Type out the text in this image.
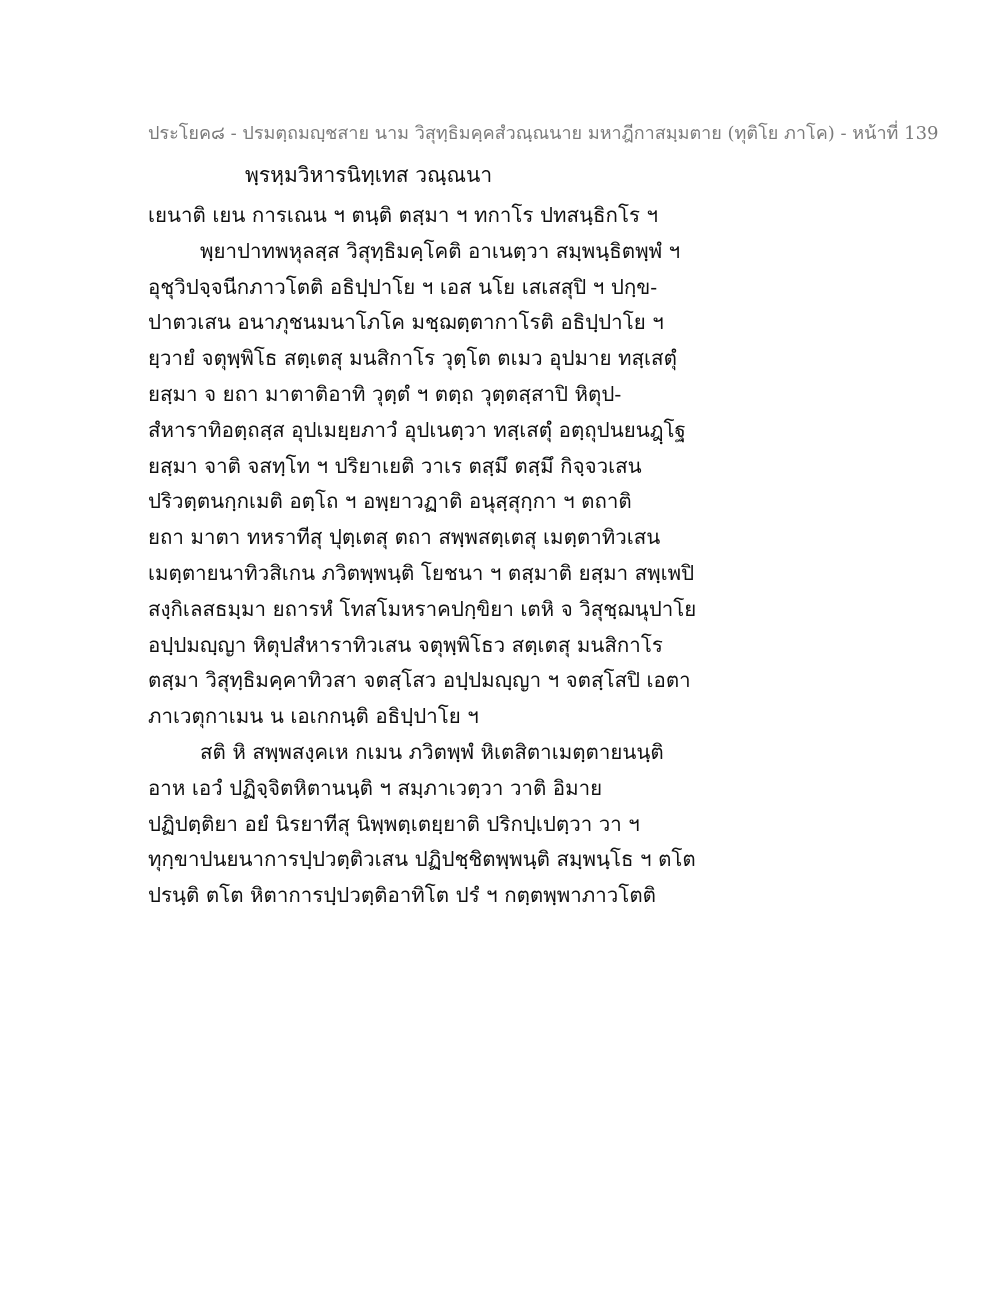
ประโยค๘ - ปรมตฺถมญฺชสาย นาม วิสุทฺธิมคฺคสํวณฺณนาย มหาฎีกาสมฺมตาย (ทุติโย ภาโค) - หน้าที่ 139
พฺรหฺมวิหารนิทฺเทส วณฺณนา
เยนาติ เยน การเณน ฯ ตนฺติ ตสฺมา ฯ ทกาโร ปทสนฺธิกโร ฯ
พฺยาปาทพหุลสฺส วิสุทฺธิมคฺโคติ อาเนตฺวา สมฺพนฺธิตพฺพํ ฯ
อุชุวิปจฺจนีกภาวโตติ อธิปฺปาโย ฯ เอส นโย เสเสสุปิ ฯ ปกฺข-
ปาตวเสน อนาภุชนมนาโภโค มชฺฌตฺตากาโรติ อธิปฺปาโย ฯ
ยฺวายํ จตุพฺพิโธ สตฺเตสุ มนสิกาโร วุตฺโต ตเมว อุปมาย ทสฺเสตุํ
ยสฺมา จ ยถา มาตาติอาทิ วุตฺตํ ฯ ตตฺถ วุตฺตสฺสาปิ หิตุป-
สํหาราทิอตฺถสฺส อุปเมยฺยภาวํ อุปเนตฺวา ทสฺเสตุํ อตฺถุปนยนฎฺโฐ
ยสฺมา จาติ จสทฺโท ฯ ปริยาเยติ วาเร ตสฺมึ ตสฺมึ กิจฺจวเสน
ปริวตฺตนกฺกเมติ อตฺโถ ฯ อพฺยาวฏาติ อนุสฺสุกฺกา ฯ ตถาติ
ยถา มาตา ทหราทีสุ ปุตฺเตสุ ตถา สพฺพสตฺเตสุ เมตฺตาทิวเสน
เมตฺตายนาทิวสิเกน ภวิตพฺพนฺติ โยชนา ฯ ตสฺมาติ ยสฺมา สพฺเพปิ
สงฺกิเลสธมฺมา ยถารหํ โทสโมหราคปกฺขิยา เตหิ จ วิสุชฺฌนุปาโย
อปฺปมญฺญา หิตุปสํหาราทิวเสน จตุพฺพิโธว สตฺเตสุ มนสิกาโร
ตสฺมา วิสุทฺธิมคฺคาทิวสา จตสฺโสว อปฺปมญฺญา ฯ จตสฺโสปิ เอตา
ภาเวตุกาเมน น เอเกกนฺติ อธิปฺปาโย ฯ
สติ หิ สพฺพสงฺคเห กเมน ภวิตพฺพํ หิเตสิตาเมตฺตายนนฺติ
อาห เอวํ ปฏิจฺจิตหิตานนฺติ ฯ สมฺภาเวตฺวา วาติ อิมาย
ปฏิปตฺติยา อยํ นิรยาทีสุ นิพฺพตฺเตยฺยาติ ปริกปฺเปตฺวา วา ฯ
ทุกฺขาปนยนาการปฺปวตฺติวเสน ปฏิปชฺชิตพฺพนฺติ สมฺพนฺโธ ฯ ตโต
ปรนฺติ ตโต หิตาการปฺปวตฺติอาทิโต ปรํ ฯ กตฺตพฺพาภาวโตติ
